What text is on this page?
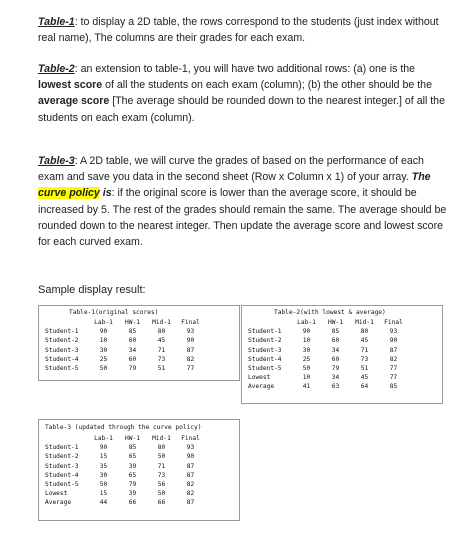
Table-1: to display a 2D table, the rows correspond to the students (just index without real name), The columns are their grades for each exam.

Table-2: an extension to table-1, you will have two additional rows: (a) one is the lowest score of all the students on each exam (column); (b) the other should be the average score [The average should be rounded down to the nearest integer.] of all the students on each exam (column).

Table-3: A 2D table, we will curve the grades of based on the performance of each exam and save you data in the second sheet (Row x Column x 1) of your array. The curve policy is: if the original score is lower than the average score, it should be increased by 5. The rest of the grades should remain the same. The average should be rounded down to the nearest integer. Then update the average score and lowest score for each curved exam.

Sample display result:

Table-1(original scores)
	Lab-1	HW-1	Mid-1	Final
Student-1	90	85	80	93
Student-2	10	60	45	90
Student-3	30	34	71	87
Student-4	25	60	73	82
Student-5	50	79	51	77
Table-2(with lowest & average)
	Lab-1	HW-1	Mid-1	Final
Student-1	90	85	80	93
Student-2	10	60	45	90
Student-3	30	34	71	87
Student-4	25	60	73	82
Student-5	50	79	51	77
Lowest	10	34	45	77
Average	41	63	64	85
Table-3 (updated through the curve policy)
	Lab-1	HW-1	Mid-1	Final
Student-1	90	85	80	93
Student-2	15	65	50	90
Student-3	35	39	71	87
Student-4	30	65	73	87
Student-5	50	79	56	82
Lowest	15	39	50	82
Average	44	66	66	87
